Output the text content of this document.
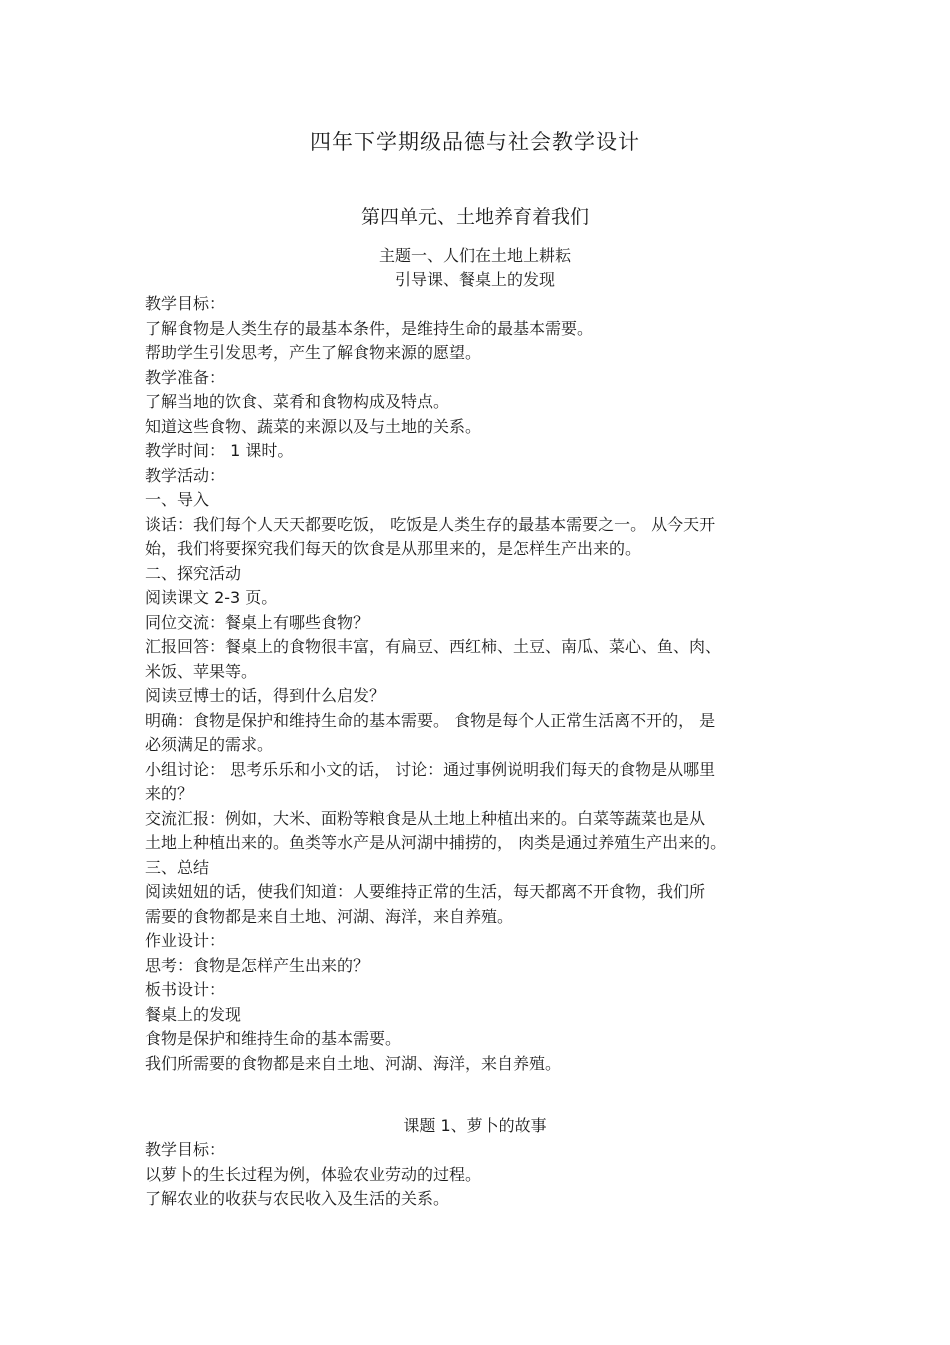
四年下学期级品德与社会教学设计
第四单元、土地养育着我们
主题一、人们在土地上耕耘
引导课、餐桌上的发现

教学目标：

了解食物是人类生存的最基本条件，是维持生命的最基本需要。

帮助学生引发思考，产生了解食物来源的愿望。

教学准备：

了解当地的饮食、菜肴和食物构成及特点。

知道这些食物、蔬菜的来源以及与土地的关系。

教学时间： 1 课时。

教学活动：

一、导入

谈话：我们每个人天天都要吃饭， 吃饭是人类生存的最基本需要之一。 从今天开

始，我们将要探究我们每天的饮食是从那里来的，是怎样生产出来的。

二、探究活动

阅读课文 2-3 页。

同位交流：餐桌上有哪些食物？

汇报回答：餐桌上的食物很丰富，有扁豆、西红柿、土豆、南瓜、菜心、鱼、肉、

米饭、苹果等。

阅读豆博士的话，得到什么启发？

明确：食物是保护和维持生命的基本需要。 食物是每个人正常生活离不开的， 是

必须满足的需求。

小组讨论： 思考乐乐和小文的话， 讨论：通过事例说明我们每天的食物是从哪里

来的？

交流汇报：例如，大米、面粉等粮食是从土地上种植出来的。白菜等蔬菜也是从

土地上种植出来的。鱼类等水产是从河湖中捕捞的， 肉类是通过养殖生产出来的。

三、总结

阅读妞妞的话，使我们知道：人要维持正常的生活，每天都离不开食物，我们所

需要的食物都是来自土地、河湖、海洋，来自养殖。

作业设计：

思考：食物是怎样产生出来的？

板书设计：

餐桌上的发现

食物是保护和维持生命的基本需要。

我们所需要的食物都是来自土地、河湖、海洋，来自养殖。

课题 1、萝卜的故事

教学目标：

以萝卜的生长过程为例，体验农业劳动的过程。

了解农业的收获与农民收入及生活的关系。
